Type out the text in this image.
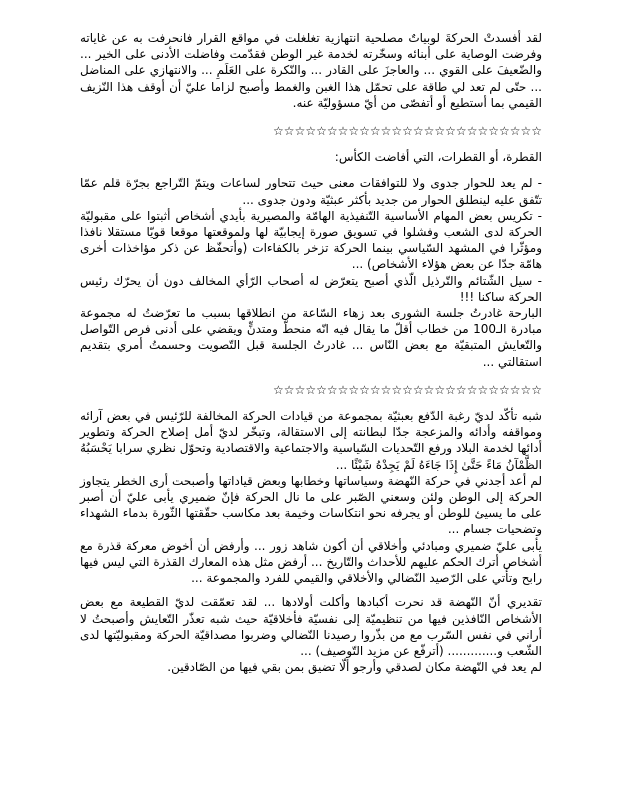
لقد أفسدتْ الحركةَ لوبياتٌ مصلحية انتهازية تغلغلت في مواقع القرار فانحرفت به عن غاياته وفرضت الوصاية على أبنائه وسخّرته لخدمة غير الوطن فقدّمت وفاضلت الأدنى على الخير ... والضّعيفَ على القوي ... والعاجزَ على القادر ... والنّكرة على العَلَمِ ... والانتهازي على المناضل ... حتّى لم تعد لي طاقة على تحمّل هذا الغبن والغمط وأصبح لزاما عليّ أن أوقف هذا النّزيف القيمي بما أستطيع أو أتفصّى من أيّ مسؤوليّة عنه.

☆☆☆☆☆☆☆☆☆☆☆☆☆☆☆☆☆☆☆☆☆☆☆☆☆

القطرة، أو القطرات، التي أفاضت الكأس:

- لم يعد للحوار جدوى ولا للتوافقات معنى حيث تتحاور لساعات ويتمّ التّراجع بجرّة قلم عمّا تتّفق عليه لينطلق الحوار من جديد بأكثر عبثيّة ودون جدوى ...

- تكريس بعض المهام الأساسية التّنفيذية الهامّة والمصيرية بأيدي أشخاص أثبتوا على مقبوليّة الحركة لدى الشعب وفشلوا في تسويق صورة إيجابيّة لها ولموقعتها موقعا قويّا مستقلا نافذا ومؤثّرا في المشهد السّياسي بينما الحركة تزخر بالكفاءات (وأتحفّظ عن ذكر مؤاخذات أخرى هامّة جدّا عن بعض هؤلاء الأشخاص) ...

- سيل الشّتائم والتّرذيل الّذي أصبح يتعرّض له أصحاب الرّأي المخالف دون أن يحرّك رئيس الحركة ساكنا !!!

البارحة غادرتُ جلسة الشورى بعد زهاء السّاعة من انطلاقها بسبب ما تعرّضتُ له مجموعة مبادرة الـ100 من خطاب أقلّ ما يقال فيه انّه منحطّ ومتدنٍّ ويقضي على أدنى فرص التّواصل والتّعايش المتبقيّة مع بعض النّاس ... غادرتُ الجلسة قبل التّصويت وحسمتُ أمري بتقديم استقالتي ...

☆☆☆☆☆☆☆☆☆☆☆☆☆☆☆☆☆☆☆☆☆☆☆☆☆

شبه تأكّد لديّ رغبة الدّفع بعبثيّة بمجموعة من قيادات الحركة المخالفة للرّئيس في بعض آرائه ومواقفه وأدائه والمزعجة جدّا لبطانته إلى الاستقالة، وتبخّر لديّ أمل إصلاح الحركة وتطوير أدائها لخدمة البلاد ورفع التّحديات السّياسية والاجتماعية والاقتصادية وتحوّل نظري سرابا يَحْسَبُهُ الظَّمْآنُ مَاءً حَتَّىٰ إِذَا جَاءَهُ لَمْ يَجِدْهُ شَيْئًا ...

لم أعد أجدني في حركة النّهضة وسياساتها وخطابها وبعض قياداتها وأصبحت أرى الخطر يتجاوز الحركة إلى الوطن ولئن وسعني الصّبر على ما نال الحركة فإنّ ضميري يأبى عليّ أن أصبر على ما يسيئ للوطن أو يجرفه نحو انتكاسات وخيمة بعد مكاسب حقّقتها الثّورة بدماء الشهداء وتضحيات جسام ...

يأبى عليّ ضميري ومبادئي وأخلاقي أن أكون شاهد زور ... وأرفض أن أخوض معركة قذرة مع أشخاص أترك الحكم عليهم للأحداث والتّاريخ ... أرفض مثل هذه المعارك القذرة التي ليس فيها رابح وتأتي على الرّصيد النّضالي والأخلاقي والقيمي للفرد والمجموعة ...

تقديري أنّ النّهضة قد نحرت أكبادها وأكلت أولادها ... لقد تعمّقت لديّ القطيعة مع بعض الأشخاص النّافذين فيها من تنظيميّة إلى نفسيّة فأخلاقيّة حيث شبه تعذّر التّعايش وأصبحتُ لا أراني في نفس السّرب مع من بذّروا رصيدنا النّضالي وضربوا مصداقيّة الحركة ومقبوليّتها لدى الشّعب و............. (أترفّع عن مزيد التّوصيف) ...

لم يعد في النّهضة مكان لصدقي وأرجو ألّا تضيق بمن بقي فيها من الصّادقين.
